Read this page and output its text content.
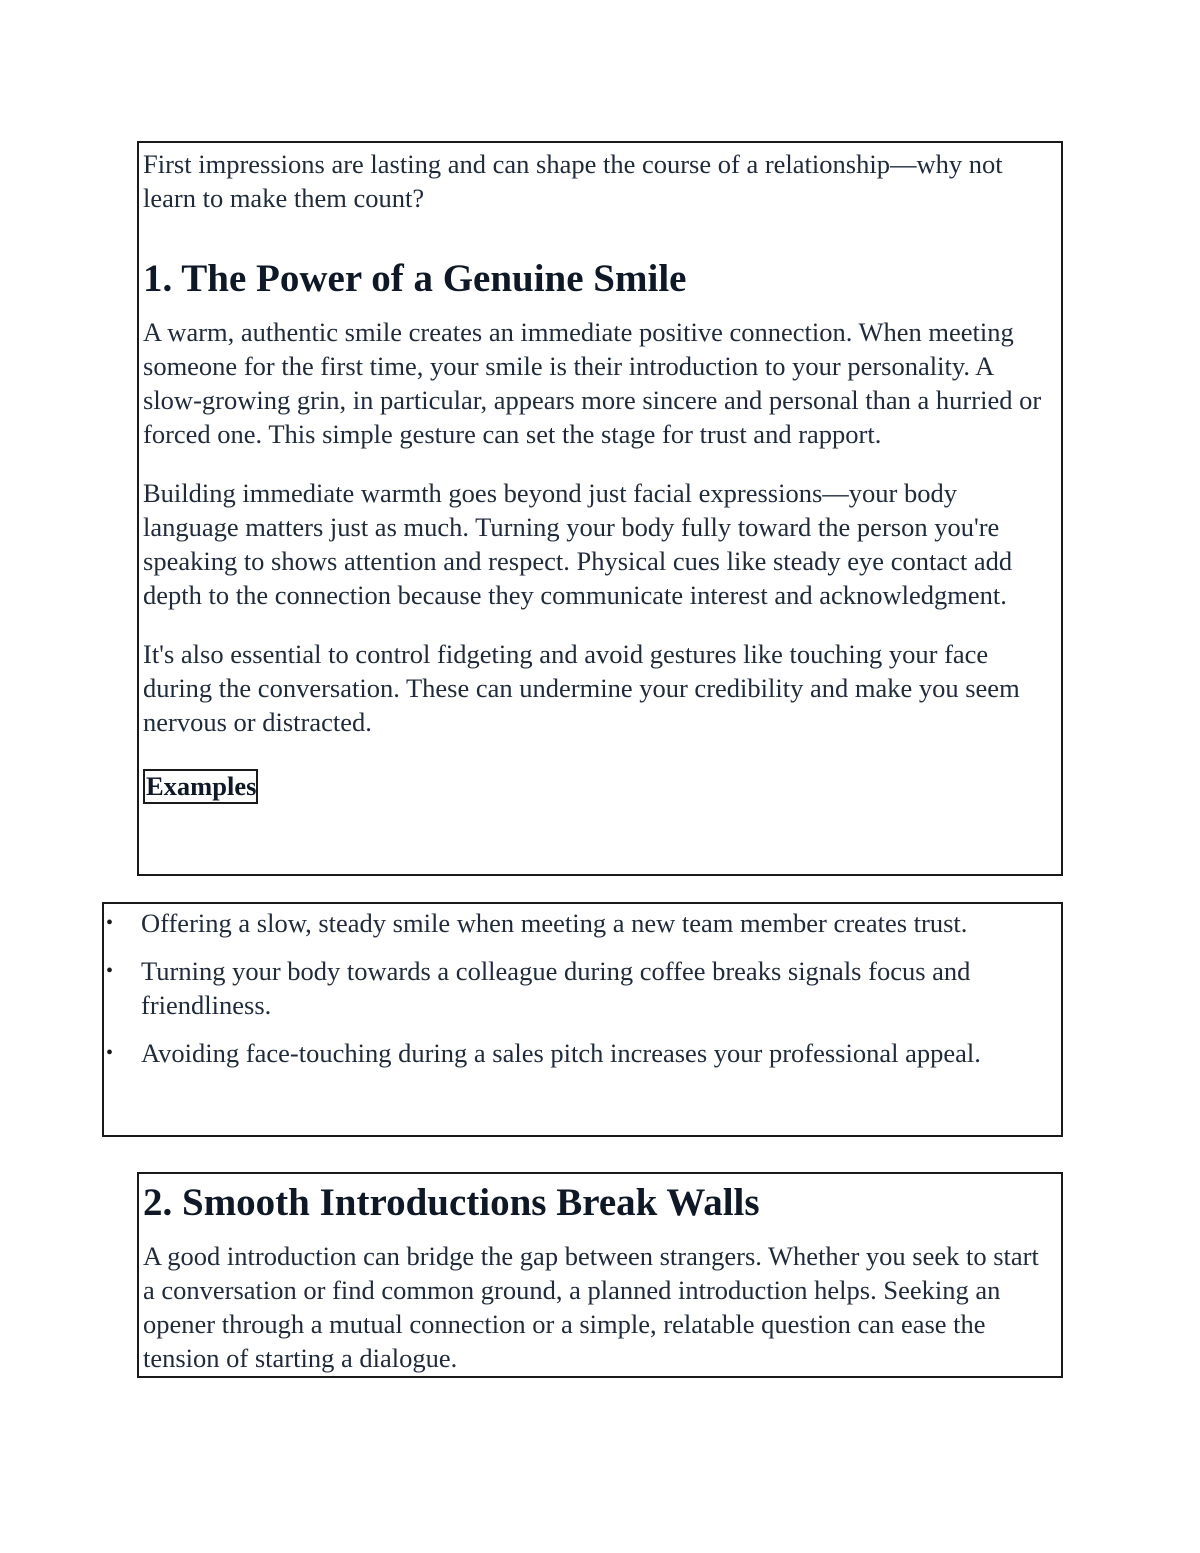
First impressions are lasting and can shape the course of a relationship—why not learn to make them count?

1. The Power of a Genuine Smile

A warm, authentic smile creates an immediate positive connection. When meeting someone for the first time, your smile is their introduction to your personality. A slow-growing grin, in particular, appears more sincere and personal than a hurried or forced one. This simple gesture can set the stage for trust and rapport.

Building immediate warmth goes beyond just facial expressions—your body language matters just as much. Turning your body fully toward the person you're speaking to shows attention and respect. Physical cues like steady eye contact add depth to the connection because they communicate interest and acknowledgment.

It's also essential to control fidgeting and avoid gestures like touching your face during the conversation. These can undermine your credibility and make you seem nervous or distracted.

Examples
• Offering a slow, steady smile when meeting a new team member creates trust.
• Turning your body towards a colleague during coffee breaks signals focus and friendliness.
• Avoiding face-touching during a sales pitch increases your professional appeal.
2. Smooth Introductions Break Walls

A good introduction can bridge the gap between strangers. Whether you seek to start a conversation or find common ground, a planned introduction helps. Seeking an opener through a mutual connection or a simple, relatable question can ease the tension of starting a dialogue.
